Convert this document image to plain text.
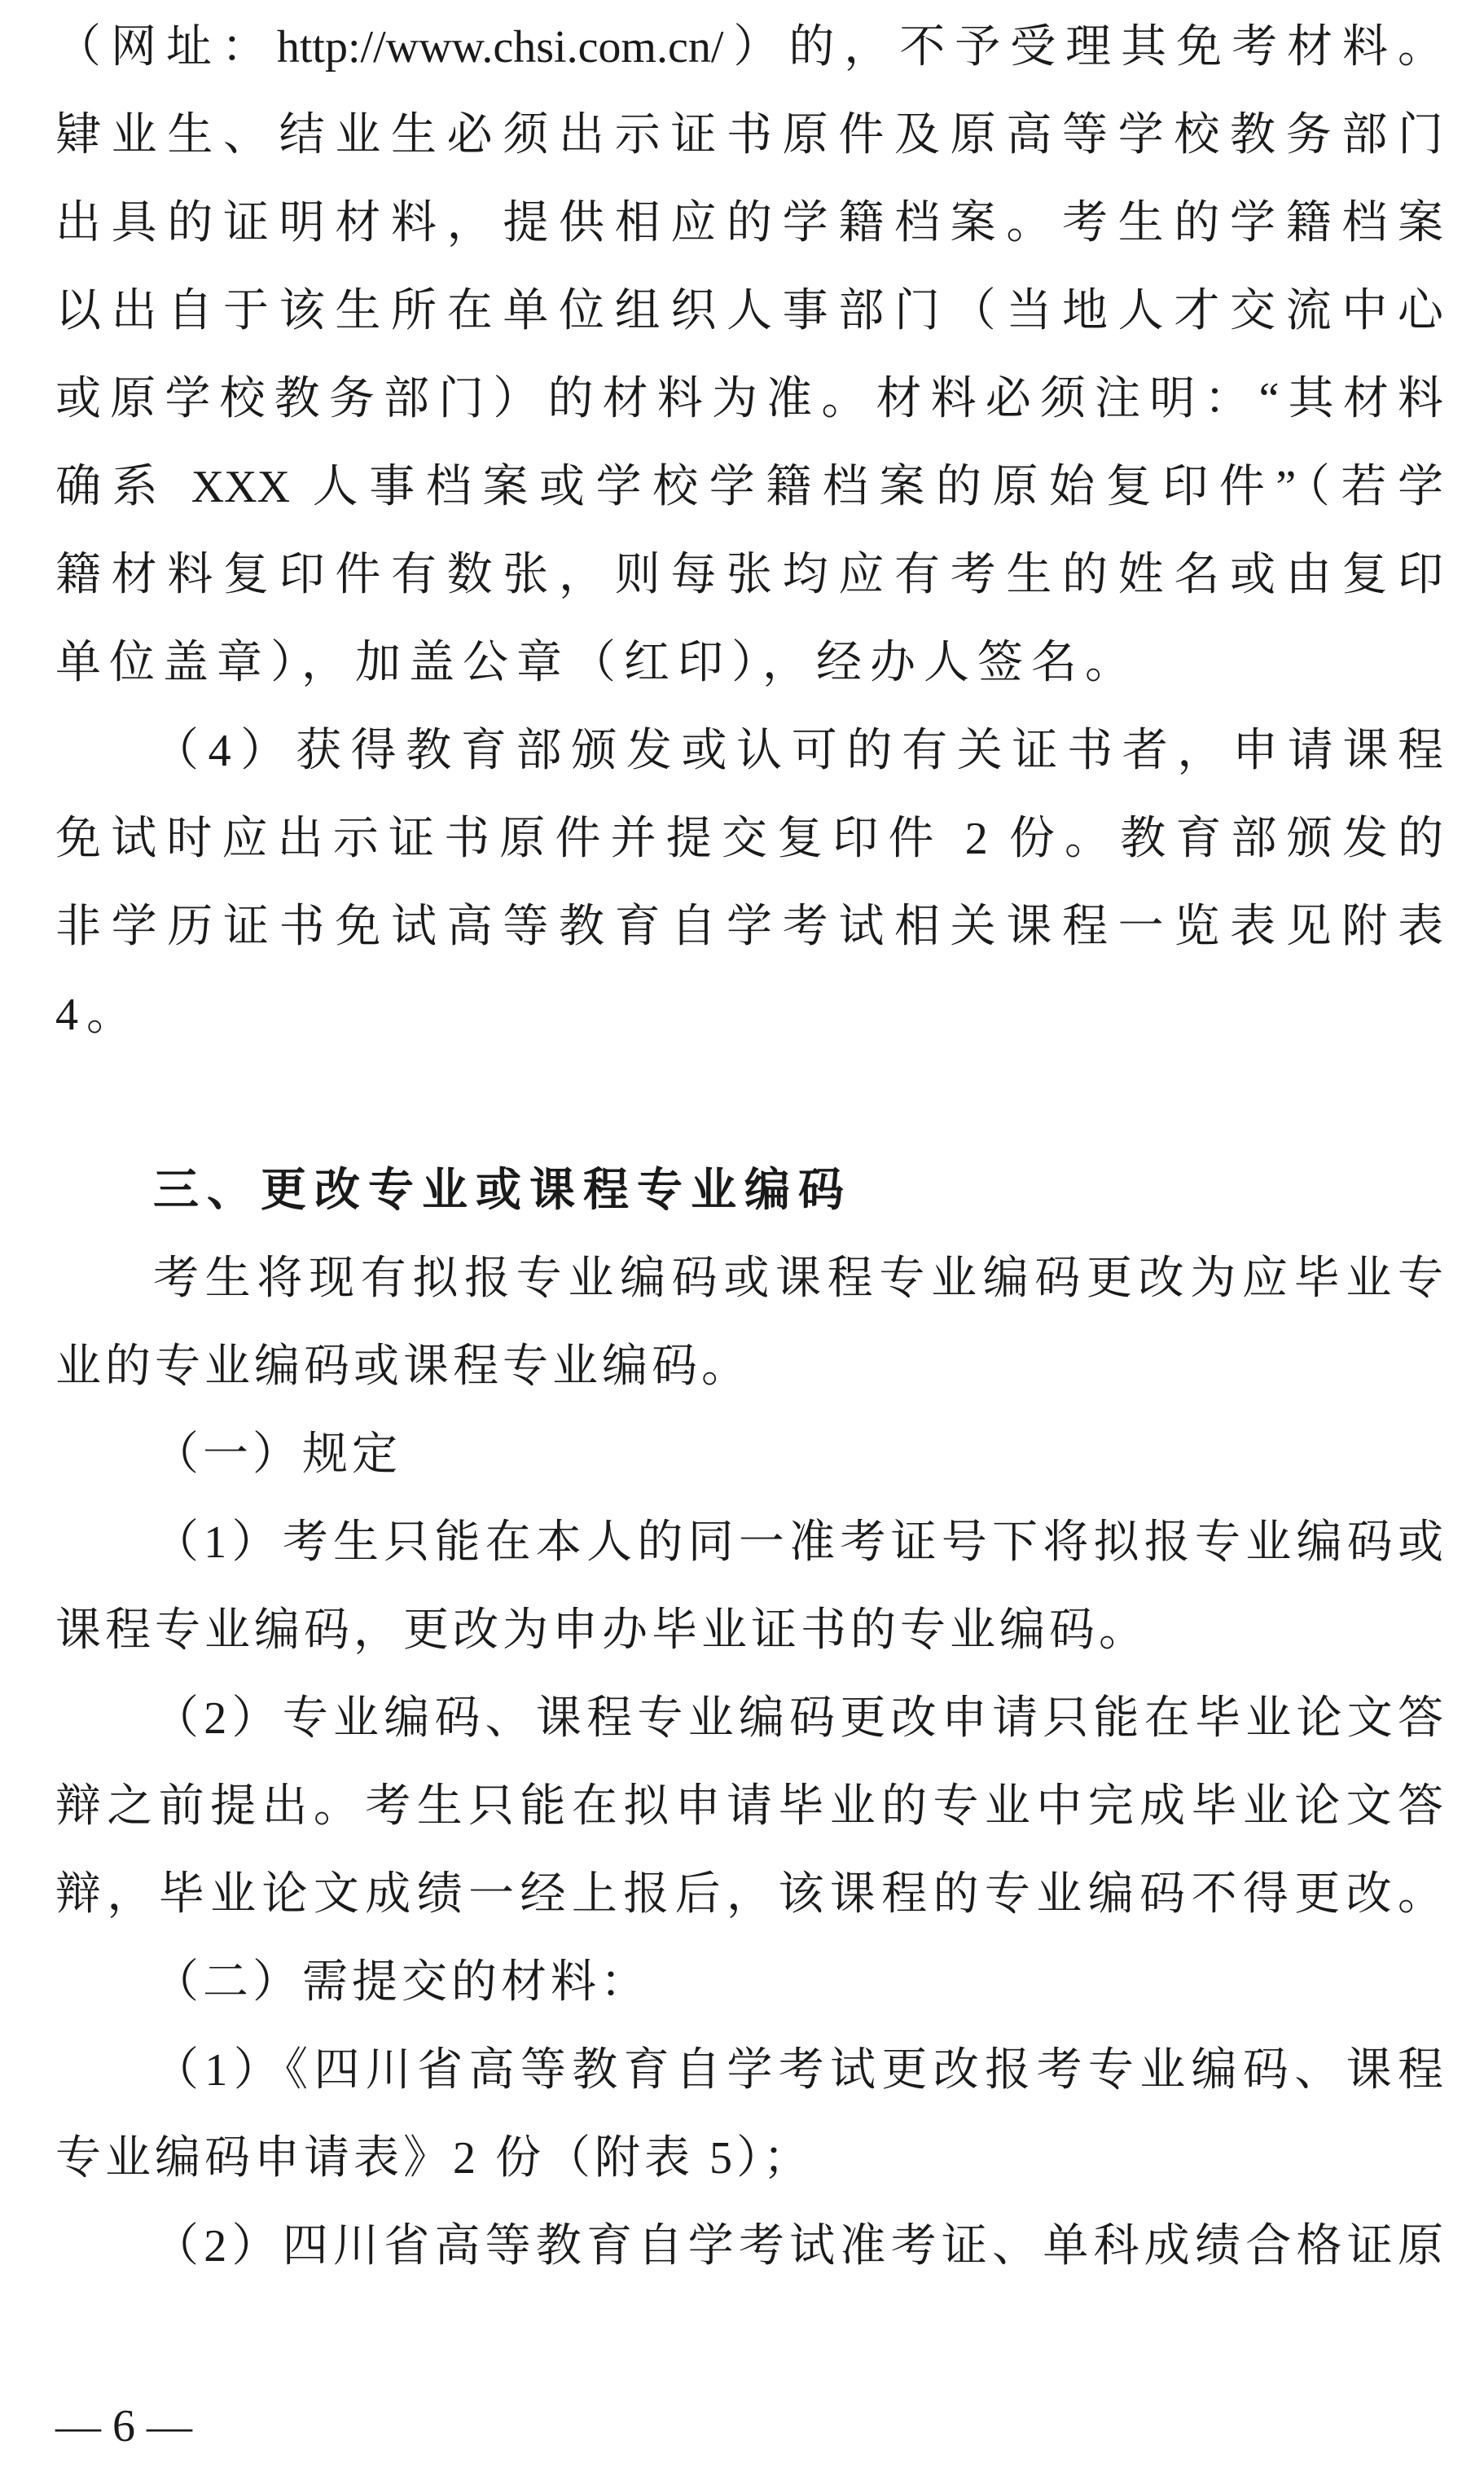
（网址：http://www.chsi.com.cn/）的，不予受理其免考材料。
肄业生、结业生必须出示证书原件及原高等学校教务部门
出具的证明材料，提供相应的学籍档案。考生的学籍档案
以出自于该生所在单位组织人事部门（当地人才交流中心
或原学校教务部门）的材料为准。材料必须注明：“其材料
确系 XXX 人事档案或学校学籍档案的原始复印件”（若学
籍材料复印件有数张，则每张均应有考生的姓名或由复印
单位盖章），加盖公章（红印），经办人签名。
（4）获得教育部颁发或认可的有关证书者，申请课程
免试时应出示证书原件并提交复印件 2 份。教育部颁发的
非学历证书免试高等教育自学考试相关课程一览表见附表
4。
三、更改专业或课程专业编码
考生将现有拟报专业编码或课程专业编码更改为应毕业专
业的专业编码或课程专业编码。
（一）规定
（1）考生只能在本人的同一准考证号下将拟报专业编码或
课程专业编码，更改为申办毕业证书的专业编码。
（2）专业编码、课程专业编码更改申请只能在毕业论文答
辩之前提出。考生只能在拟申请毕业的专业中完成毕业论文答
辩，毕业论文成绩一经上报后，该课程的专业编码不得更改。
（二）需提交的材料：
（1）《四川省高等教育自学考试更改报考专业编码、课程
专业编码申请表》2 份（附表 5）；
（2）四川省高等教育自学考试准考证、单科成绩合格证原
— 6 —
